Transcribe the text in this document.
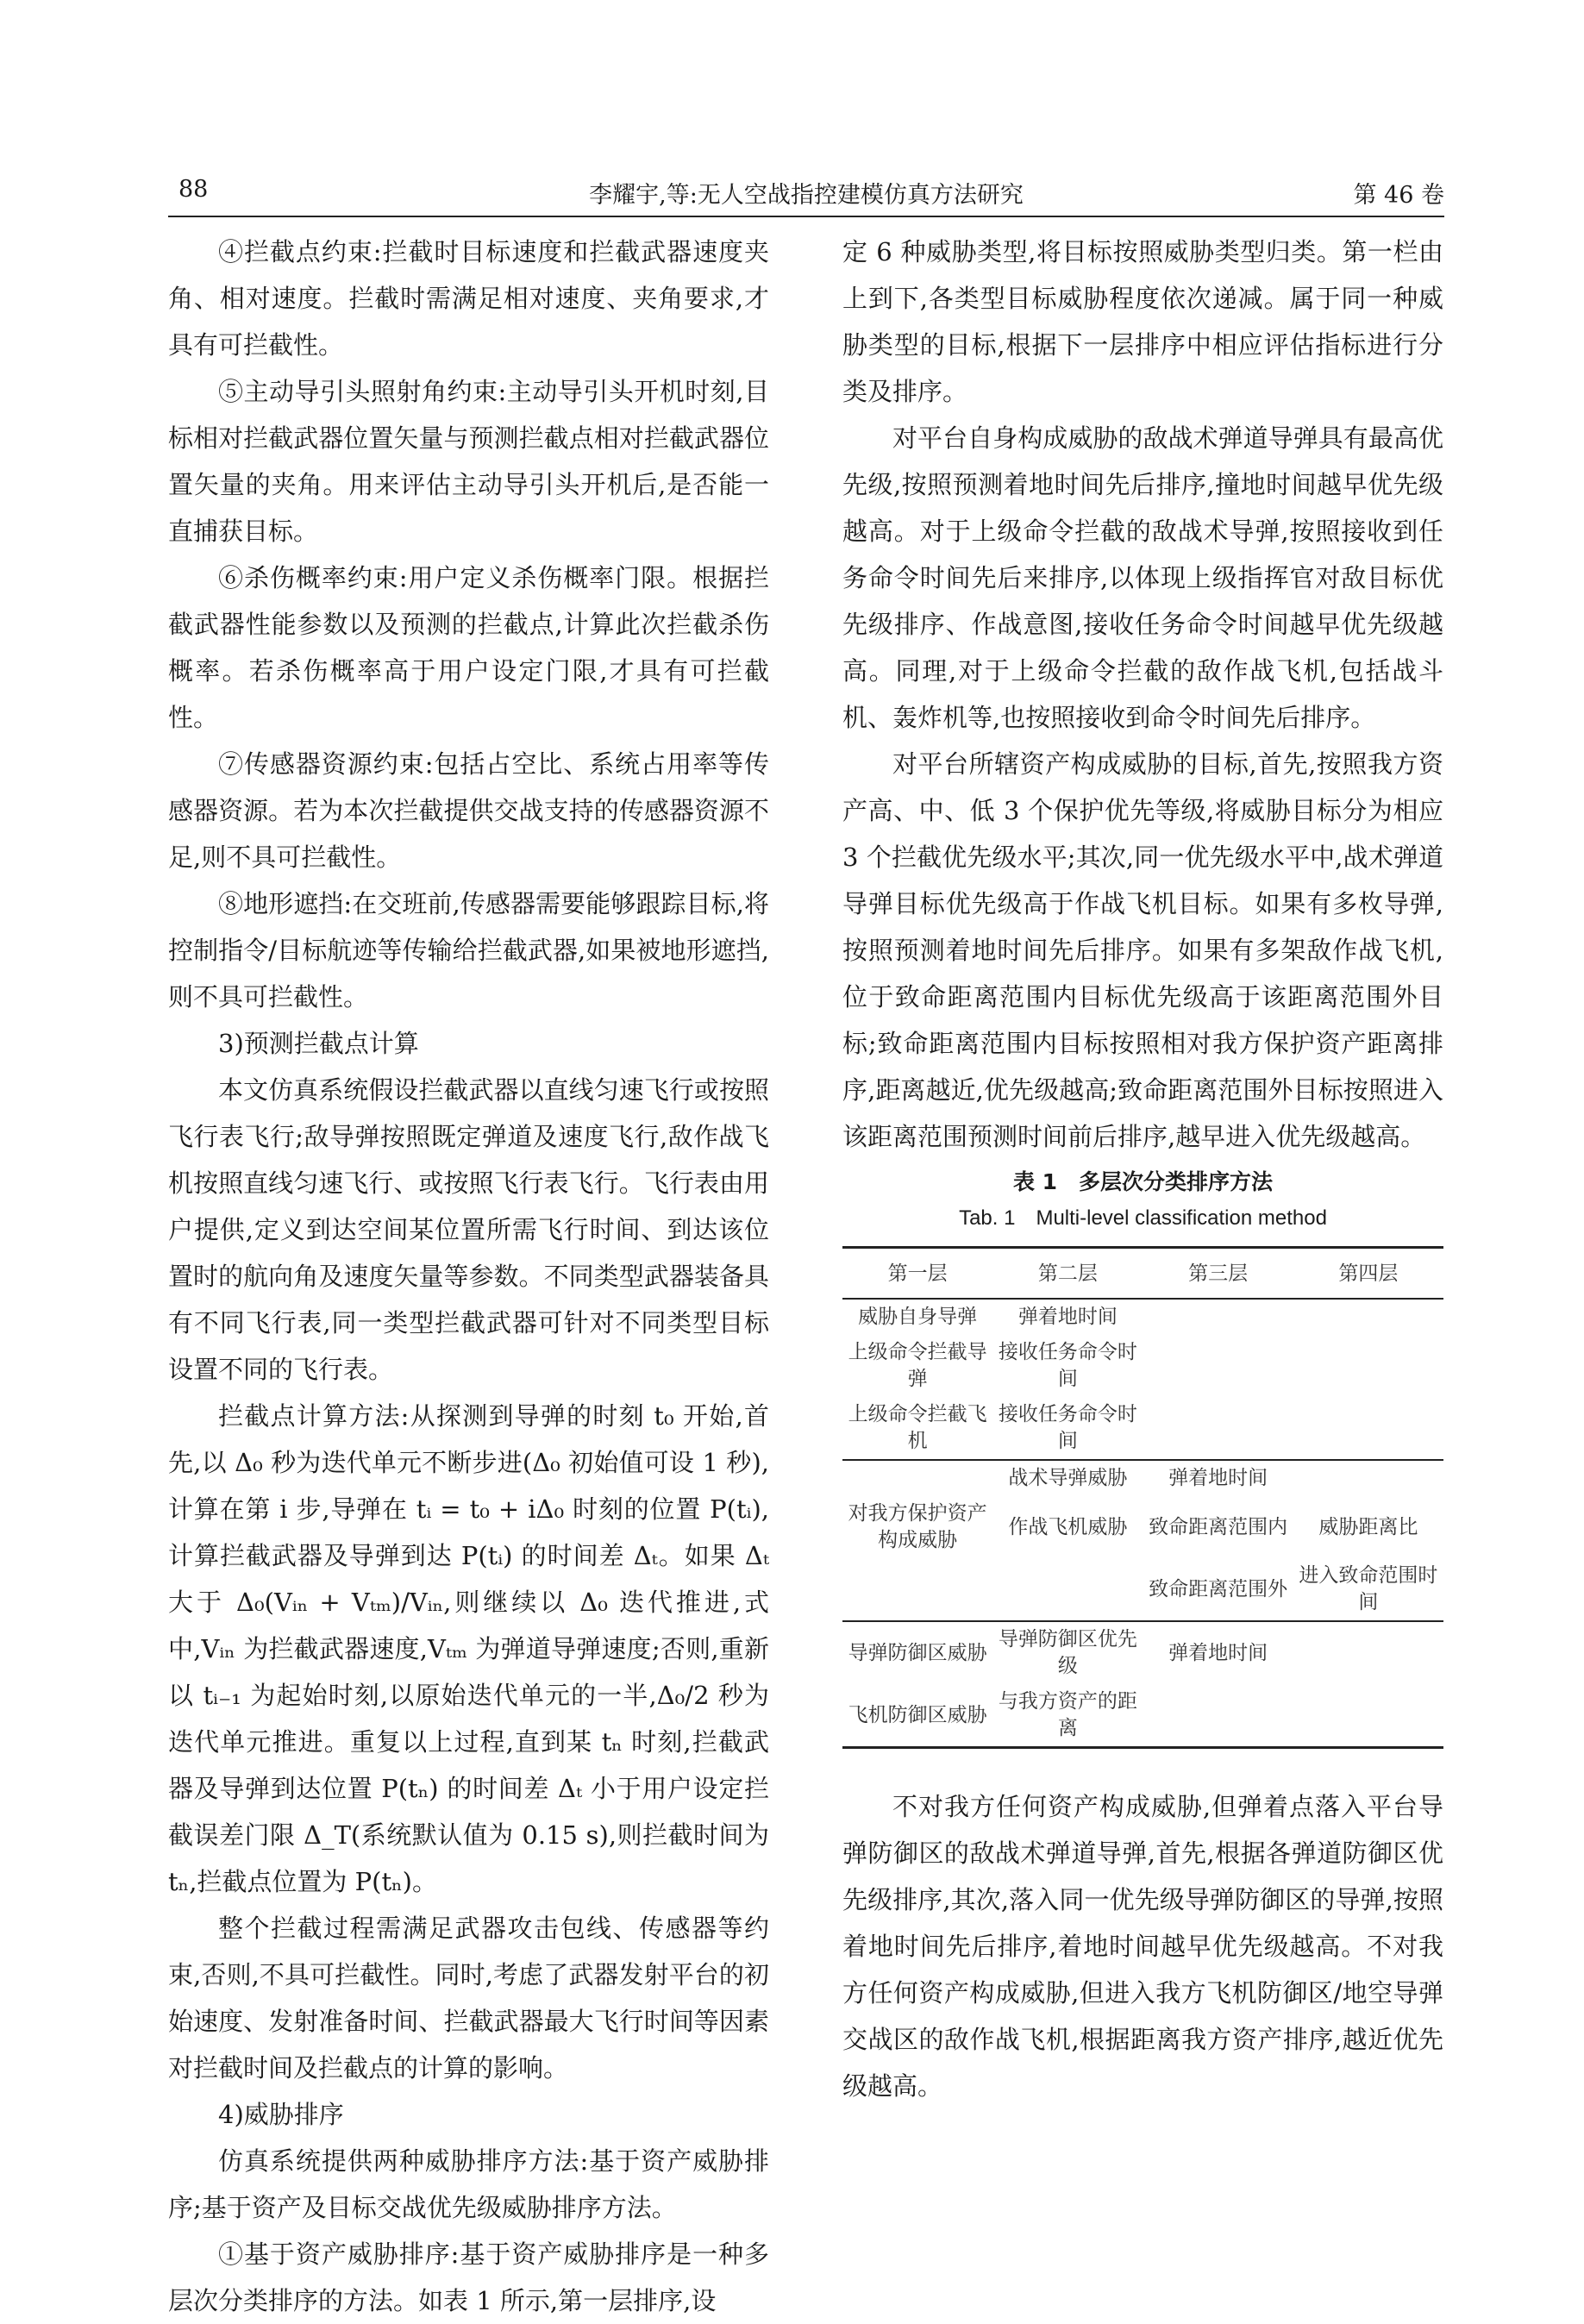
88	李耀宇,等:无人空战指控建模仿真方法研究	第 46 卷

④拦截点约束:拦截时目标速度和拦截武器速度夹角、相对速度。拦截时需满足相对速度、夹角要求,才具有可拦截性。

⑤主动导引头照射角约束:主动导引头开机时刻,目标相对拦截武器位置矢量与预测拦截点相对拦截武器位置矢量的夹角。用来评估主动导引头开机后,是否能一直捕获目标。

⑥杀伤概率约束:用户定义杀伤概率门限。根据拦截武器性能参数以及预测的拦截点,计算此次拦截杀伤概率。若杀伤概率高于用户设定门限,才具有可拦截性。

⑦传感器资源约束:包括占空比、系统占用率等传感器资源。若为本次拦截提供交战支持的传感器资源不足,则不具可拦截性。

⑧地形遮挡:在交班前,传感器需要能够跟踪目标,将控制指令/目标航迹等传输给拦截武器,如果被地形遮挡,则不具可拦截性。

3)预测拦截点计算

本文仿真系统假设拦截武器以直线匀速飞行或按照飞行表飞行;敌导弹按照既定弹道及速度飞行,敌作战飞机按照直线匀速飞行、或按照飞行表飞行。飞行表由用户提供,定义到达空间某位置所需飞行时间、到达该位置时的航向角及速度矢量等参数。不同类型武器装备具有不同飞行表,同一类型拦截武器可针对不同类型目标设置不同的飞行表。

拦截点计算方法:从探测到导弹的时刻 t₀ 开始,首先,以 Δ₀ 秒为迭代单元不断步进(Δ₀ 初始值可设 1 秒),计算在第 i 步,导弹在 tᵢ = t₀ + iΔ₀ 时刻的位置 P(tᵢ),计算拦截武器及导弹到达 P(tᵢ) 的时间差 Δₜ。如果 Δₜ 大于 Δ₀(Vᵢₙ + Vₜₘ)/Vᵢₙ,则继续以 Δ₀ 迭代推进,式中,Vᵢₙ 为拦截武器速度,Vₜₘ 为弹道导弹速度;否则,重新以 tᵢ₋₁ 为起始时刻,以原始迭代单元的一半,Δ₀/2 秒为迭代单元推进。重复以上过程,直到某 tₙ 时刻,拦截武器及导弹到达位置 P(tₙ) 的时间差 Δₜ 小于用户设定拦截误差门限 Δ_T(系统默认值为 0.15 s),则拦截时间为 tₙ,拦截点位置为 P(tₙ)。

整个拦截过程需满足武器攻击包线、传感器等约束,否则,不具可拦截性。同时,考虑了武器发射平台的初始速度、发射准备时间、拦截武器最大飞行时间等因素对拦截时间及拦截点的计算的影响。

4)威胁排序

仿真系统提供两种威胁排序方法:基于资产威胁排序;基于资产及目标交战优先级威胁排序方法。

①基于资产威胁排序:基于资产威胁排序是一种多层次分类排序的方法。如表 1 所示,第一层排序,设

定 6 种威胁类型,将目标按照威胁类型归类。第一栏由上到下,各类型目标威胁程度依次递减。属于同一种威胁类型的目标,根据下一层排序中相应评估指标进行分类及排序。

对平台自身构成威胁的敌战术弹道导弹具有最高优先级,按照预测着地时间先后排序,撞地时间越早优先级越高。对于上级命令拦截的敌战术导弹,按照接收到任务命令时间先后来排序,以体现上级指挥官对敌目标优先级排序、作战意图,接收任务命令时间越早优先级越高。同理,对于上级命令拦截的敌作战飞机,包括战斗机、轰炸机等,也按照接收到命令时间先后排序。

对平台所辖资产构成威胁的目标,首先,按照我方资产高、中、低 3 个保护优先等级,将威胁目标分为相应 3 个拦截优先级水平;其次,同一优先级水平中,战术弹道导弹目标优先级高于作战飞机目标。如果有多枚导弹,按照预测着地时间先后排序。如果有多架敌作战飞机,位于致命距离范围内目标优先级高于该距离范围外目标;致命距离范围内目标按照相对我方保护资产距离排序,距离越近,优先级越高;致命距离范围外目标按照进入该距离范围预测时间前后排序,越早进入优先级越高。

表 1　多层次分类排序方法
Tab. 1　Multi-level classification method
第一层	第二层	第三层	第四层
威胁自身导弹	弹着地时间		
上级命令拦截导弹	接收任务命令时间		
上级命令拦截飞机	接收任务命令时间		
	战术导弹威胁	弹着地时间	
对我方保护资产构成威胁	作战飞机威胁	致命距离范围内	威胁距离比
		致命距离范围外	进入致命范围时间
导弹防御区威胁	导弹防御区优先级	弹着地时间	
飞机防御区威胁	与我方资产的距离		

不对我方任何资产构成威胁,但弹着点落入平台导弹防御区的敌战术弹道导弹,首先,根据各弹道防御区优先级排序,其次,落入同一优先级导弹防御区的导弹,按照着地时间先后排序,着地时间越早优先级越高。不对我方任何资产构成威胁,但进入我方飞机防御区/地空导弹交战区的敌作战飞机,根据距离我方资产排序,越近优先级越高。
